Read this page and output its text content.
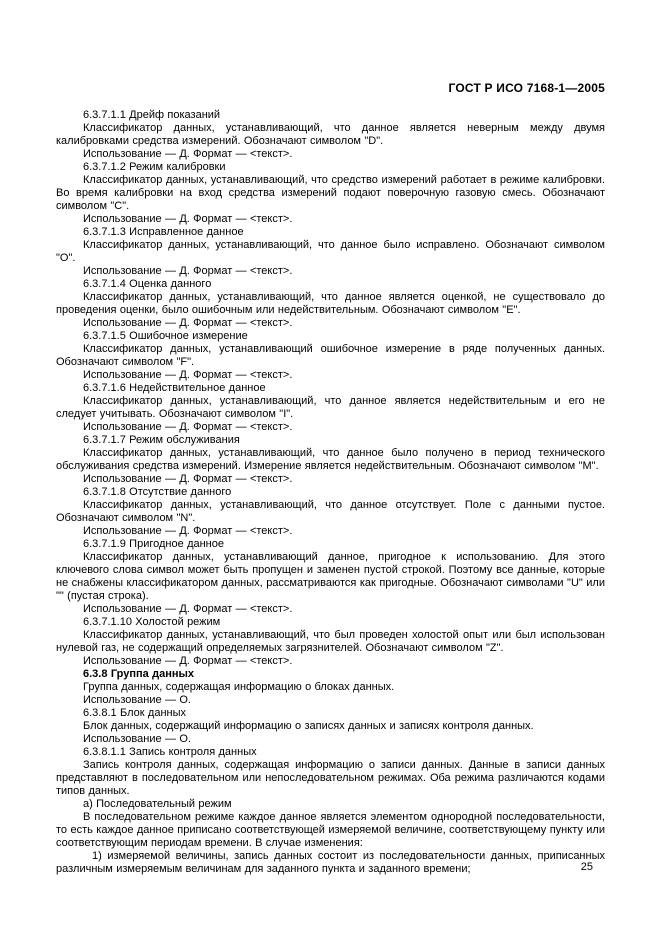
ГОСТ Р ИСО 7168-1—2005

6.3.7.1.1 Дрейф показаний

Классификатор данных, устанавливающий, что данное является неверным между двумя калибровками средства измерений. Обозначают символом "D".

Использование — Д. Формат — <текст>.

6.3.7.1.2 Режим калибровки

Классификатор данных, устанавливающий, что средство измерений работает в режиме калибровки. Во время калибровки на вход средства измерений подают поверочную газовую смесь. Обозначают символом "C".

Использование — Д. Формат — <текст>.

6.3.7.1.3 Исправленное данное

Классификатор данных, устанавливающий, что данное было исправлено. Обозначают символом "O".

Использование — Д. Формат — <текст>.

6.3.7.1.4 Оценка данного

Классификатор данных, устанавливающий, что данное является оценкой, не существовало до проведения оценки, было ошибочным или недействительным. Обозначают символом "E".

Использование — Д. Формат — <текст>.

6.3.7.1.5 Ошибочное измерение

Классификатор данных, устанавливающий ошибочное измерение в ряде полученных данных. Обозначают символом "F".

Использование — Д. Формат — <текст>.

6.3.7.1.6 Недействительное данное

Классификатор данных, устанавливающий, что данное является недействительным и его не следует учитывать. Обозначают символом "I".

Использование — Д. Формат — <текст>.

6.3.7.1.7 Режим обслуживания

Классификатор данных, устанавливающий, что данное было получено в период технического обслуживания средства измерений. Измерение является недействительным. Обозначают символом "M".

Использование — Д. Формат — <текст>.

6.3.7.1.8 Отсутствие данного

Классификатор данных, устанавливающий, что данное отсутствует. Поле с данными пустое. Обозначают символом "N".

Использование — Д. Формат — <текст>.

6.3.7.1.9 Пригодное данное

Классификатор данных, устанавливающий данное, пригодное к использованию. Для этого ключевого слова символ может быть пропущен и заменен пустой строкой. Поэтому все данные, которые не снабжены классификатором данных, рассматриваются как пригодные. Обозначают символами "U" или "" (пустая строка).

Использование — Д. Формат — <текст>.

6.3.7.1.10 Холостой режим

Классификатор данных, устанавливающий, что был проведен холостой опыт или был использован нулевой газ, не содержащий определяемых загрязнителей. Обозначают символом "Z".

Использование — Д. Формат — <текст>.

6.3.8 Группа данных

Группа данных, содержащая информацию о блоках данных.

Использование — О.

6.3.8.1 Блок данных

Блок данных, содержащий информацию о записях данных и записях контроля данных.

Использование — О.

6.3.8.1.1 Запись контроля данных

Запись контроля данных, содержащая информацию о записи данных. Данные в записи данных представляют в последовательном или непоследовательном режимах. Оба режима различаются кодами типов данных.

а) Последовательный режим

В последовательном режиме каждое данное является элементом однородной последовательности, то есть каждое данное приписано соответствующей измеряемой величине, соответствующему пункту или соответствующим периодам времени. В случае изменения:

1) измеряемой величины, запись данных состоит из последовательности данных, приписанных различным измеряемым величинам для заданного пункта и заданного времени;	25
